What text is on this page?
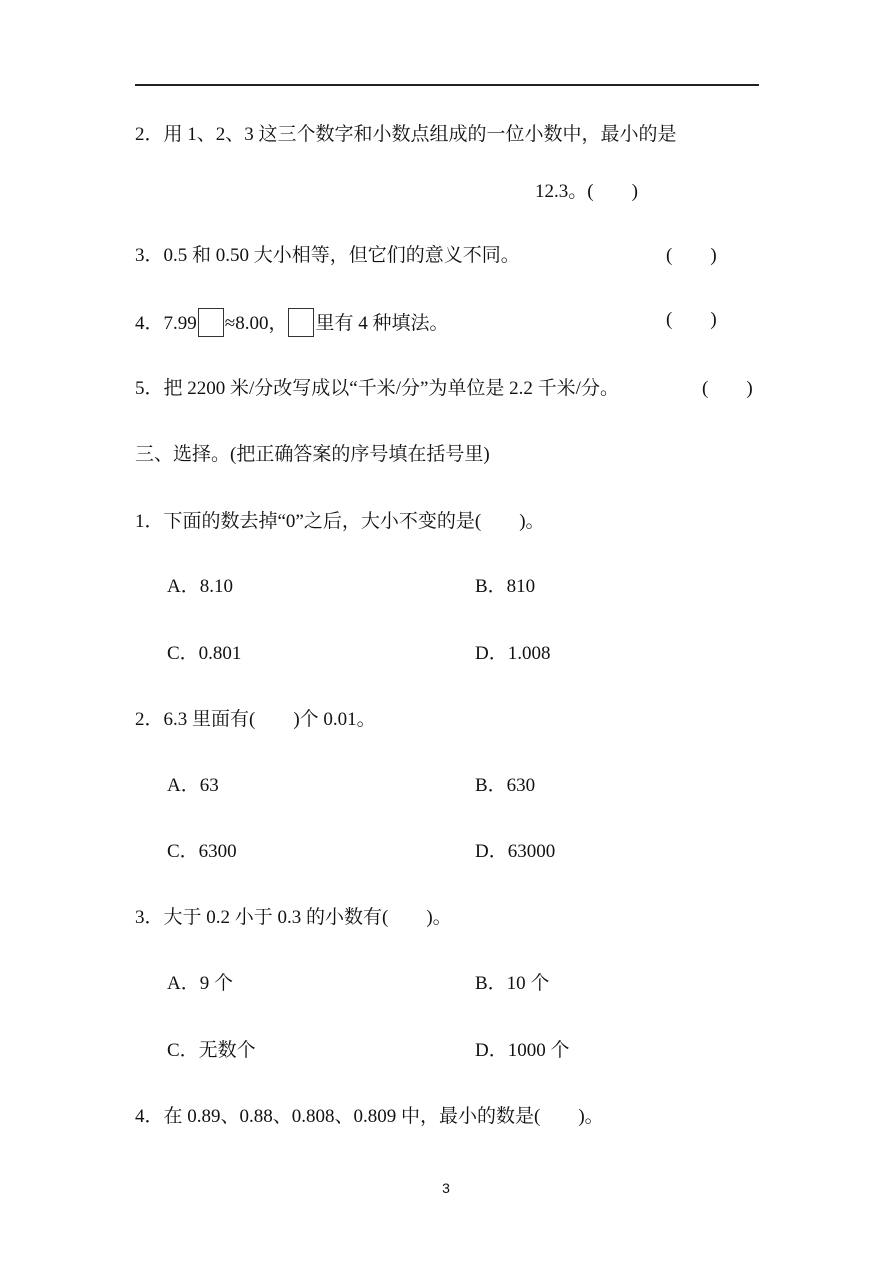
2．用 1、2、3 这三个数字和小数点组成的一位小数中，最小的是
12.3。(　　)
3．0.5 和 0.50 大小相等，但它们的意义不同。	(　　)
4．7.99 ≈8.00， 里有 4 种填法。	(　　)
5．把 2200 米/分改写成以“千米/分”为单位是 2.2 千米/分。	(　　)
三、选择。(把正确答案的序号填在括号里)
1．下面的数去掉“0”之后，大小不变的是(　　)。
A．8.10	B．810
C．0.801	D．1.008
2．6.3 里面有(　　)个 0.01。
A．63	B．630
C．6300	D．63000
3．大于 0.2 小于 0.3 的小数有(　　)。
A．9 个	B．10 个
C．无数个	D．1000 个
4．在 0.89、0.88、0.808、0.809 中，最小的数是(　　)。
3
